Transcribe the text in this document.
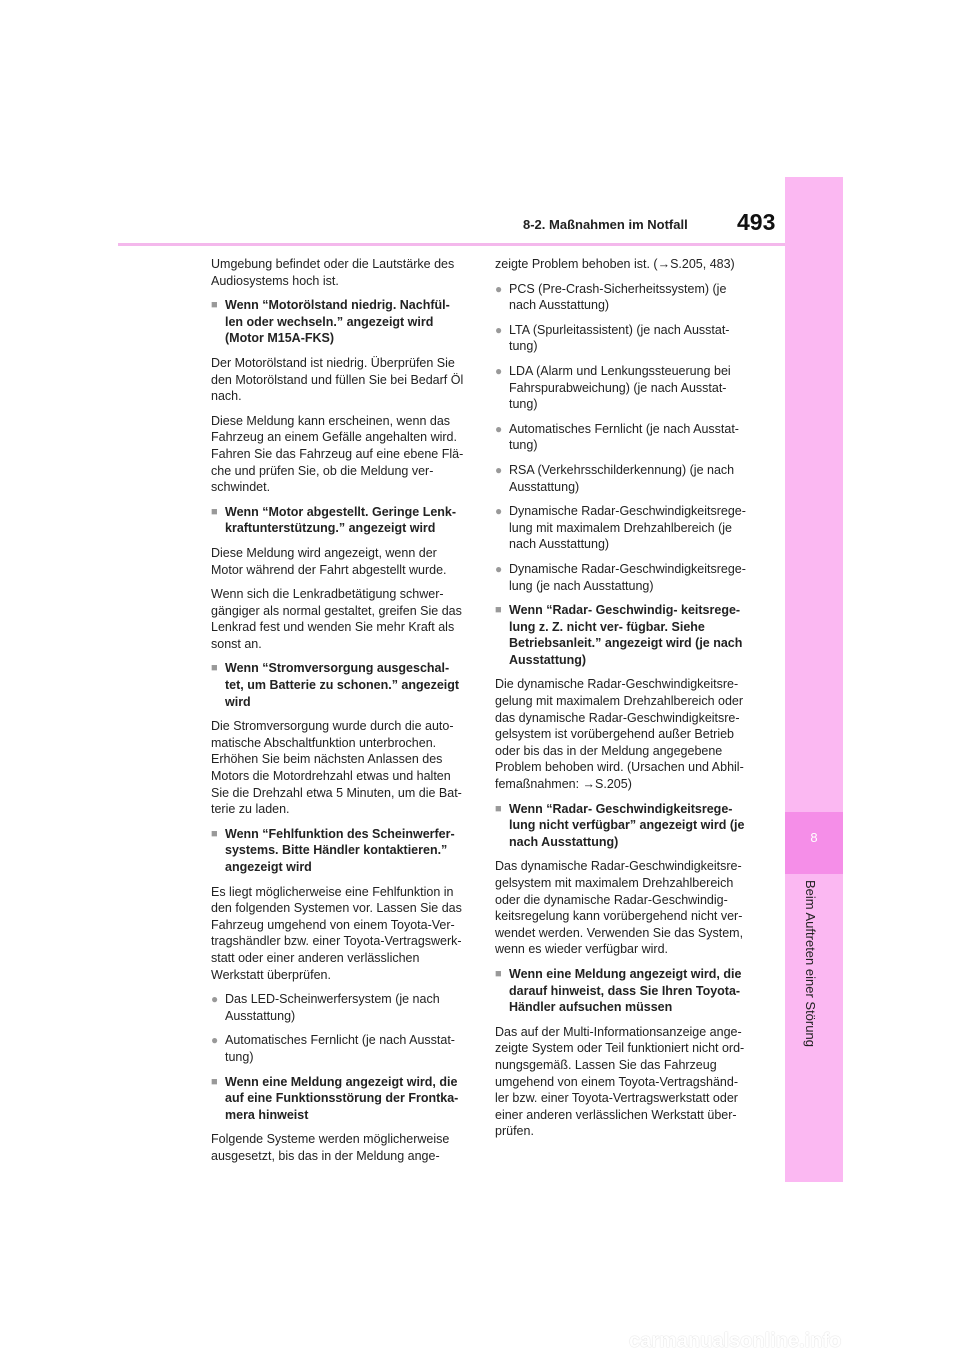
8-2. Maßnahmen im Notfall 493
8
Beim Auftreten einer Störung

Umgebung befindet oder die Lautstärke des Audiosystems hoch ist.

■ Wenn “Motorölstand niedrig. Nachfül-len oder wechseln.” angezeigt wird (Motor M15A-FKS)

Der Motorölstand ist niedrig. Überprüfen Sie den Motorölstand und füllen Sie bei Bedarf Öl nach.

Diese Meldung kann erscheinen, wenn das Fahrzeug an einem Gefälle angehalten wird. Fahren Sie das Fahrzeug auf eine ebene Flä-che und prüfen Sie, ob die Meldung ver-schwindet.

■ Wenn “Motor abgestellt. Geringe Lenk-kraftunterstützung.” angezeigt wird

Diese Meldung wird angezeigt, wenn der Motor während der Fahrt abgestellt wurde.

Wenn sich die Lenkradbetätigung schwer-gängiger als normal gestaltet, greifen Sie das Lenkrad fest und wenden Sie mehr Kraft als sonst an.

■ Wenn “Stromversorgung ausgeschal-tet, um Batterie zu schonen.” angezeigt wird

Die Stromversorgung wurde durch die auto-matische Abschaltfunktion unterbrochen. Erhöhen Sie beim nächsten Anlassen des Motors die Motordrehzahl etwas und halten Sie die Drehzahl etwa 5 Minuten, um die Bat-terie zu laden.

■ Wenn “Fehlfunktion des Scheinwerfer-systems. Bitte Händler kontaktieren.” angezeigt wird

Es liegt möglicherweise eine Fehlfunktion in den folgenden Systemen vor. Lassen Sie das Fahrzeug umgehend von einem Toyota-Ver-tragshändler bzw. einer Toyota-Vertragswerk-statt oder einer anderen verlässlichen Werkstatt überprüfen.

● Das LED-Scheinwerfersystem (je nach Ausstattung)

● Automatisches Fernlicht (je nach Ausstat-tung)

■ Wenn eine Meldung angezeigt wird, die auf eine Funktionsstörung der Frontka-mera hinweist

Folgende Systeme werden möglicherweise ausgesetzt, bis das in der Meldung ange-

zeigte Problem behoben ist. (→S.205, 483)

● PCS (Pre-Crash-Sicherheitssystem) (je nach Ausstattung)

● LTA (Spurleitassistent) (je nach Ausstat-tung)

● LDA (Alarm und Lenkungssteuerung bei Fahrspurabweichung) (je nach Ausstat-tung)

● Automatisches Fernlicht (je nach Ausstat-tung)

● RSA (Verkehrsschilderkennung) (je nach Ausstattung)

● Dynamische Radar-Geschwindigkeitsrege-lung mit maximalem Drehzahlbereich (je nach Ausstattung)

● Dynamische Radar-Geschwindigkeitsrege-lung (je nach Ausstattung)

■ Wenn “Radar- Geschwindig- keitsrege-lung z. Z. nicht ver- fügbar. Siehe Betriebsanleit.” angezeigt wird (je nach Ausstattung)

Die dynamische Radar-Geschwindigkeitsre-gelung mit maximalem Drehzahlbereich oder das dynamische Radar-Geschwindigkeitsre-gelsystem ist vorübergehend außer Betrieb oder bis das in der Meldung angegebene Problem behoben wird. (Ursachen und Abhil-femaßnahmen: →S.205)

■ Wenn “Radar- Geschwindigkeitsrege-lung nicht verfügbar” angezeigt wird (je nach Ausstattung)

Das dynamische Radar-Geschwindigkeitsre-gelsystem mit maximalem Drehzahlbereich oder die dynamische Radar-Geschwindig-keitsregelung kann vorübergehend nicht ver-wendet werden. Verwenden Sie das System, wenn es wieder verfügbar wird.

■ Wenn eine Meldung angezeigt wird, die darauf hinweist, dass Sie Ihren Toyota-Händler aufsuchen müssen

Das auf der Multi-Informationsanzeige ange-zeigte System oder Teil funktioniert nicht ord-nungsgemäß. Lassen Sie das Fahrzeug umgehend von einem Toyota-Vertragshänd-ler bzw. einer Toyota-Vertragswerkstatt oder einer anderen verlässlichen Werkstatt über-prüfen.

carmanualsonline.info
